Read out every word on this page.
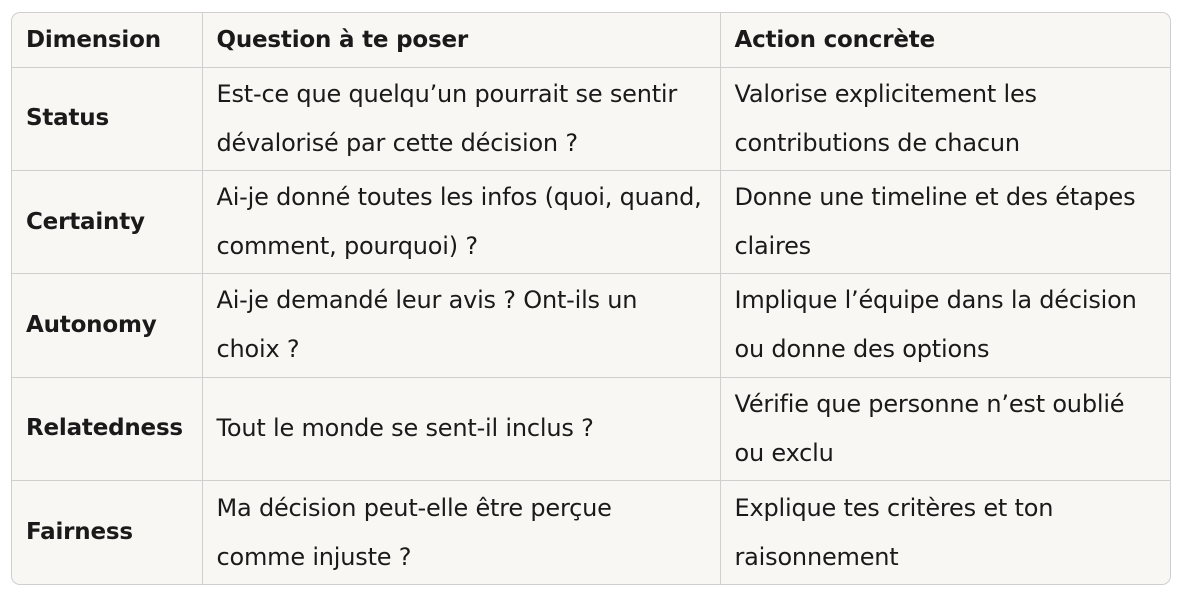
Dimension	Question à te poser	Action concrète
Status	Est-ce que quelqu’un pourrait se sentir dévalorisé par cette décision ?	Valorise explicitement les contributions de chacun
Certainty	Ai-je donné toutes les infos (quoi, quand, comment, pourquoi) ?	Donne une timeline et des étapes claires
Autonomy	Ai-je demandé leur avis ? Ont-ils un choix ?	Implique l’équipe dans la décision ou donne des options
Relatedness	Tout le monde se sent-il inclus ?	Vérifie que personne n’est oublié ou exclu
Fairness	Ma décision peut-elle être perçue comme injuste ?	Explique tes critères et ton raisonnement
